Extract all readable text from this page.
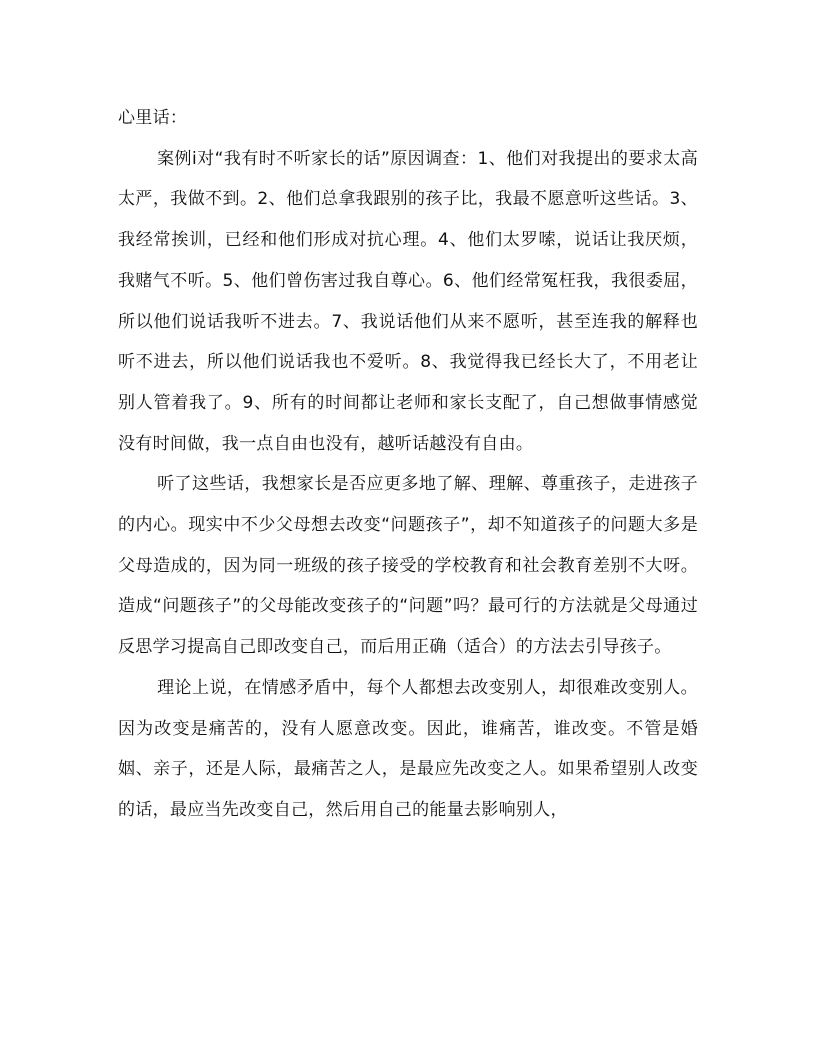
心里话：

案例ⅰ对“我有时不听家长的话”原因调查：1、他们对我提出的要求太高太严，我做不到。2、他们总拿我跟别的孩子比，我最不愿意听这些话。3、我经常挨训，已经和他们形成对抗心理。4、他们太罗嗦，说话让我厌烦，我赌气不听。5、他们曾伤害过我自尊心。6、他们经常冤枉我，我很委屈，所以他们说话我听不进去。7、我说话他们从来不愿听，甚至连我的解释也听不进去，所以他们说话我也不爱听。8、我觉得我已经长大了，不用老让别人管着我了。9、所有的时间都让老师和家长支配了，自己想做事情感觉没有时间做，我一点自由也没有，越听话越没有自由。

听了这些话，我想家长是否应更多地了解、理解、尊重孩子，走进孩子的内心。现实中不少父母想去改变“问题孩子”，却不知道孩子的问题大多是父母造成的，因为同一班级的孩子接受的学校教育和社会教育差别不大呀。造成“问题孩子”的父母能改变孩子的“问题”吗？最可行的方法就是父母通过反思学习提高自己即改变自己，而后用正确（适合）的方法去引导孩子。

理论上说，在情感矛盾中，每个人都想去改变别人，却很难改变别人。因为改变是痛苦的，没有人愿意改变。因此，谁痛苦，谁改变。不管是婚姻、亲子，还是人际，最痛苦之人，是最应先改变之人。如果希望别人改变的话，最应当先改变自己，然后用自己的能量去影响别人，
